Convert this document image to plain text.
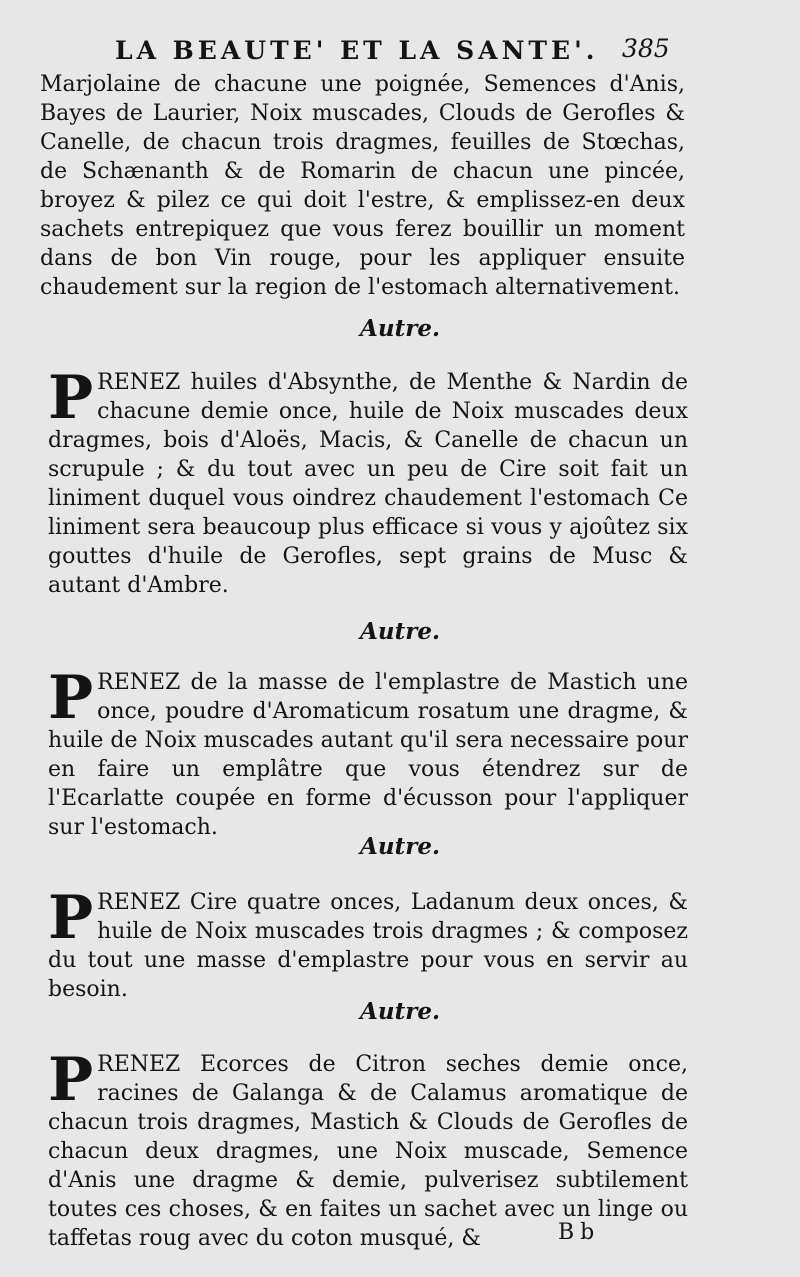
LA BEAUTE' ET LA SANTE'. 385
Marjolaine de chacune une poignée, Semences d'Anis, Bayes de Laurier, Noix muscades, Clouds de Gerofles & Canelle, de chacun trois dragmes, feuilles de Stœchas, de Schænanth & de Romarin de chacun une pincée, broyez & pilez ce qui doit l'estre, & emplissez-en deux sachets entrepiquez que vous ferez bouillir un moment dans de bon Vin rouge, pour les appliquer ensuite chaudement sur la region de l'estomach alternativement.
Autre.
PRENEZ huiles d'Absynthe, de Menthe & Nardin de chacune demie once, huile de Noix muscades deux dragmes, bois d'Aloës, Macis, & Canelle de chacun un scrupule ; & du tout avec un peu de Cire soit fait un liniment duquel vous oindrez chaudement l'estomach Ce liniment sera beaucoup plus efficace si vous y ajoûtez six gouttes d'huile de Gerofles, sept grains de Musc & autant d'Ambre.
Autre.
PRENEZ de la masse de l'emplastre de Mastich une once, poudre d'Aromaticum rosatum une dragme, & huile de Noix muscades autant qu'il sera necessaire pour en faire un emplâtre que vous étendrez sur de l'Ecarlatte coupée en forme d'écusson pour l'appliquer sur l'estomach.
Autre.
PRENEZ Cire quatre onces, Ladanum deux onces, & huile de Noix muscades trois dragmes ; & composez du tout une masse d'emplastre pour vous en servir au besoin.
Autre.
PRENEZ Ecorces de Citron seches demie once, racines de Galanga & de Calamus aromatique de chacun trois dragmes, Mastich & Clouds de Gerofles de chacun deux dragmes, une Noix muscade, Semence d'Anis une dragme & demie, pulverisez subtilement toutes ces choses, & en faites un sachet avec un linge ou taffetas roug avec du coton musqué, &	Bb
